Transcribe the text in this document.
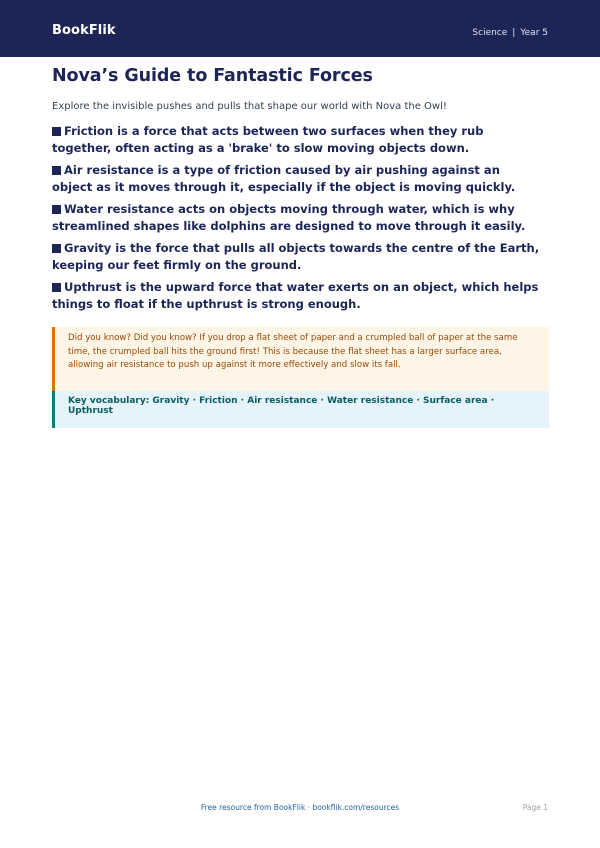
BookFlik	Science | Year 5
Nova’s Guide to Fantastic Forces

Explore the invisible pushes and pulls that shape our world with Nova the Owl!

Friction is a force that acts between two surfaces when they rub together, often acting as a 'brake' to slow moving objects down.
Air resistance is a type of friction caused by air pushing against an object as it moves through it, especially if the object is moving quickly.
Water resistance acts on objects moving through water, which is why streamlined shapes like dolphins are designed to move through it easily.
Gravity is the force that pulls all objects towards the centre of the Earth, keeping our feet firmly on the ground.
Upthrust is the upward force that water exerts on an object, which helps things to float if the upthrust is strong enough.

Did you know? Did you know? If you drop a flat sheet of paper and a crumpled ball of paper at the same time, the crumpled ball hits the ground first! This is because the flat sheet has a larger surface area, allowing air resistance to push up against it more effectively and slow its fall.

Key vocabulary: Gravity · Friction · Air resistance · Water resistance · Surface area · Upthrust

Free resource from BookFlik · bookflik.com/resources	Page 1
